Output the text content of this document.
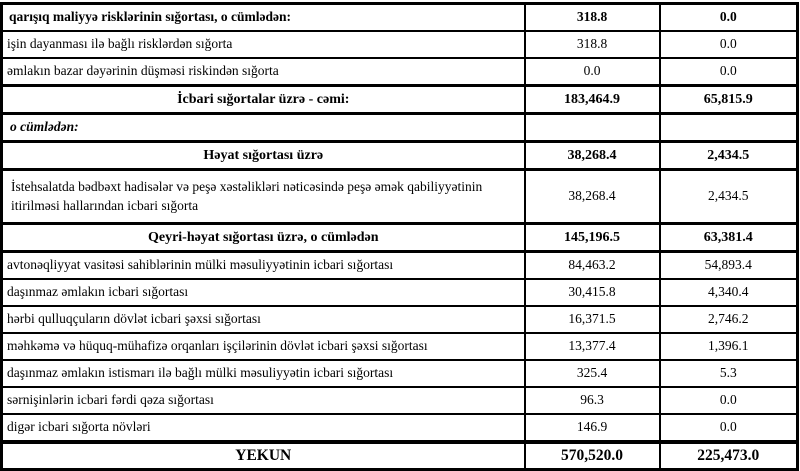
qarışıq maliyyə risklərinin sığortası, o cümlədən:	318.8	0.0
işin dayanması ilə bağlı risklərdən sığorta	318.8	0.0
əmlakın bazar dəyərinin düşməsi riskindən sığorta	0.0	0.0
İcbari sığortalar üzrə - cəmi:	183,464.9	65,815.9
o cümlədən:		
Həyat sığortası üzrə	38,268.4	2,434.5
İstehsalatda bədbəxt hadisələr və peşə xəstəlikləri nəticəsində peşə əmək qabiliyyətinin itirilməsi hallarından icbari sığorta	38,268.4	2,434.5
Qeyri-həyat sığortası üzrə, o cümlədən	145,196.5	63,381.4
avtonəqliyyat vasitəsi sahiblərinin mülki məsuliyyətinin icbari sığortası	84,463.2	54,893.4
daşınmaz əmlakın icbari sığortası	30,415.8	4,340.4
hərbi qulluqçuların dövlət icbari şəxsi sığortası	16,371.5	2,746.2
məhkəmə və hüquq-mühafizə orqanları işçilərinin dövlət icbari şəxsi sığortası	13,377.4	1,396.1
daşınmaz əmlakın istismarı ilə bağlı mülki məsuliyyətin icbari sığortası	325.4	5.3
sərnişinlərin icbari fərdi qəza sığortası	96.3	0.0
digər icbari sığorta növləri	146.9	0.0
YEKUN	570,520.0	225,473.0
